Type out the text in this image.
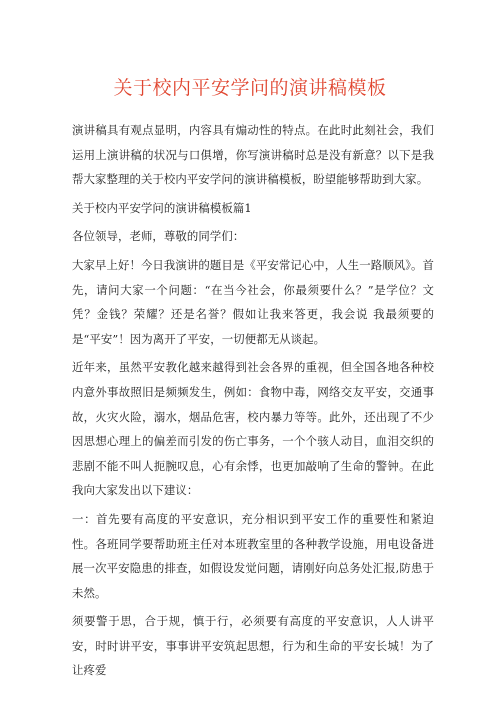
关于校内平安学问的演讲稿模板

演讲稿具有观点显明，内容具有煽动性的特点。在此时此刻社会，我们运用上演讲稿的状况与口俱增，你写演讲稿时总是没有新意？以下是我帮大家整理的关于校内平安学问的演讲稿模板，盼望能够帮助到大家。

关于校内平安学问的演讲稿模板篇1

各位领导，老师，尊敬的同学们：

大家早上好！今日我演讲的题目是《平安常记心中，人生一路顺风》。首先，请问大家一个问题：“在当今社会，你最须要什么？”是学位？文凭？金钱？荣耀？还是名誉？假如让我来答更，我会说 我最须要的是“平安”！因为离开了平安，一切便都无从谈起。

近年来，虽然平安教化越来越得到社会各界的重视，但全国各地各种校内意外事故照旧是频频发生，例如：食物中毒，网络交友平安，交通事故，火灾火险，溺水，烟品危害，校内暴力等等。此外，还出现了不少因思想心理上的偏差而引发的伤亡事务，一个个骇人动目，血泪交织的悲剧不能不叫人扼腕叹息，心有余悸，也更加敲响了生命的警钟。在此我向大家发出以下建议：

一：首先要有高度的平安意识，充分相识到平安工作的重要性和紧迫性。各班同学要帮助班主任对本班教室里的各种教学设施，用电设备进展一次平安隐患的排查，如假设发觉问题，请刚好向总务处汇报,防患于未然。

须要警于思，合于规，慎于行，必须要有高度的平安意识，人人讲平安，时时讲平安，事事讲平安筑起思想，行为和生命的平安长城！为了让疼爱
